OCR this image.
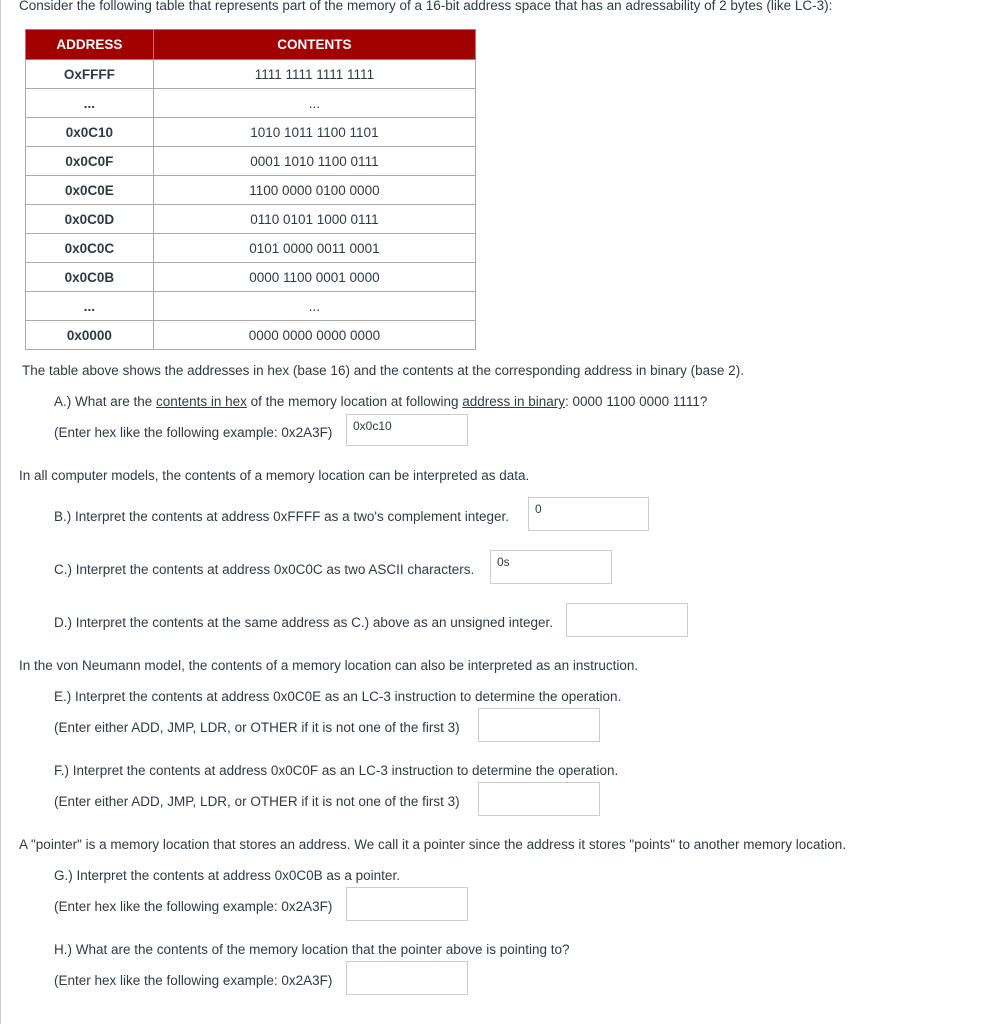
Consider the following table that represents part of the memory of a 16-bit address space that has an adressability of 2 bytes (like LC-3):
ADDRESS	CONTENTS
OxFFFF	1111 1111 1111 1111
...	...
0x0C10	1010 1011 1100 1101
0x0C0F	0001 1010 1100 0111
0x0C0E	1100 0000 0100 0000
0x0C0D	0110 0101 1000 0111
0x0C0C	0101 0000 0011 0001
0x0C0B	0000 1100 0001 0000
...	...
0x0000	0000 0000 0000 0000
The table above shows the addresses in hex (base 16) and the contents at the corresponding address in binary (base 2).
A.) What are the contents in hex of the memory location at following address in binary: 0000 1100 0000 1111?
(Enter hex like the following example: 0x2A3F)	0x0c10
In all computer models, the contents of a memory location can be interpreted as data.
B.) Interpret the contents at address 0xFFFF as a two's complement integer.	0
C.) Interpret the contents at address 0x0C0C as two ASCII characters.	0s
D.) Interpret the contents at the same address as C.) above as an unsigned integer.
In the von Neumann model, the contents of a memory location can also be interpreted as an instruction.
E.) Interpret the contents at address 0x0C0E as an LC-3 instruction to determine the operation.
(Enter either ADD, JMP, LDR, or OTHER if it is not one of the first 3)
F.) Interpret the contents at address 0x0C0F as an LC-3 instruction to determine the operation.
(Enter either ADD, JMP, LDR, or OTHER if it is not one of the first 3)
A "pointer" is a memory location that stores an address. We call it a pointer since the address it stores "points" to another memory location.
G.) Interpret the contents at address 0x0C0B as a pointer.
(Enter hex like the following example: 0x2A3F)
H.) What are the contents of the memory location that the pointer above is pointing to?
(Enter hex like the following example: 0x2A3F)
